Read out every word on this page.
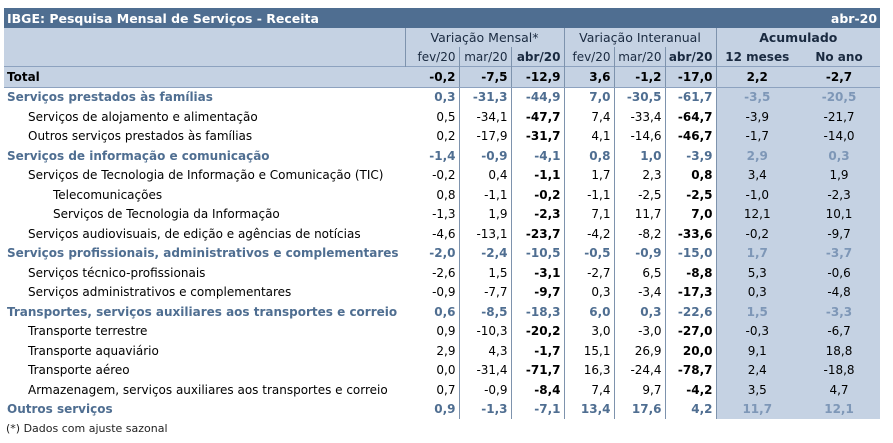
IBGE: Pesquisa Mensal de Serviços - Receita							abr-20	
	Variação Mensal*			Variação Interanual			Acumulado	
	fev/20	mar/20	abr/20	fev/20	mar/20	abr/20	12 meses	No ano
Total	-0,2	-7,5	-12,9	3,6	-1,2	-17,0	2,2	-2,7
Serviços prestados às famílias	0,3	-31,3	-44,9	7,0	-30,5	-61,7	-3,5	-20,5
Serviços de alojamento e alimentação	0,5	-34,1	-47,7	7,4	-33,4	-64,7	-3,9	-21,7
Outros serviços prestados às famílias	0,2	-17,9	-31,7	4,1	-14,6	-46,7	-1,7	-14,0
Serviços de informação e comunicação	-1,4	-0,9	-4,1	0,8	1,0	-3,9	2,9	0,3
Serviços de Tecnologia de Informação e Comunicação (TIC)	-0,2	0,4	-1,1	1,7	2,3	0,8	3,4	1,9
Telecomunicações	0,8	-1,1	-0,2	-1,1	-2,5	-2,5	-1,0	-2,3
Serviços de Tecnologia da Informação	-1,3	1,9	-2,3	7,1	11,7	7,0	12,1	10,1
Serviços audiovisuais, de edição e agências de notícias	-4,6	-13,1	-23,7	-4,2	-8,2	-33,6	-0,2	-9,7
Serviços profissionais, administrativos e complementares	-2,0	-2,4	-10,5	-0,5	-0,9	-15,0	1,7	-3,7
Serviços técnico-profissionais	-2,6	1,5	-3,1	-2,7	6,5	-8,8	5,3	-0,6
Serviços administrativos e complementares	-0,9	-7,7	-9,7	0,3	-3,4	-17,3	0,3	-4,8
Transportes, serviços auxiliares aos transportes e correio	0,6	-8,5	-18,3	6,0	0,3	-22,6	1,5	-3,3
Transporte terrestre	0,9	-10,3	-20,2	3,0	-3,0	-27,0	-0,3	-6,7
Transporte aquaviário	2,9	4,3	-1,7	15,1	26,9	20,0	9,1	18,8
Transporte aéreo	0,0	-31,4	-71,7	16,3	-24,4	-78,7	2,4	-18,8
Armazenagem, serviços auxiliares aos transportes e correio	0,7	-0,9	-8,4	7,4	9,7	-4,2	3,5	4,7
Outros serviços	0,9	-1,3	-7,1	13,4	17,6	4,2	11,7	12,1
(*) Dados com ajuste sazonal
